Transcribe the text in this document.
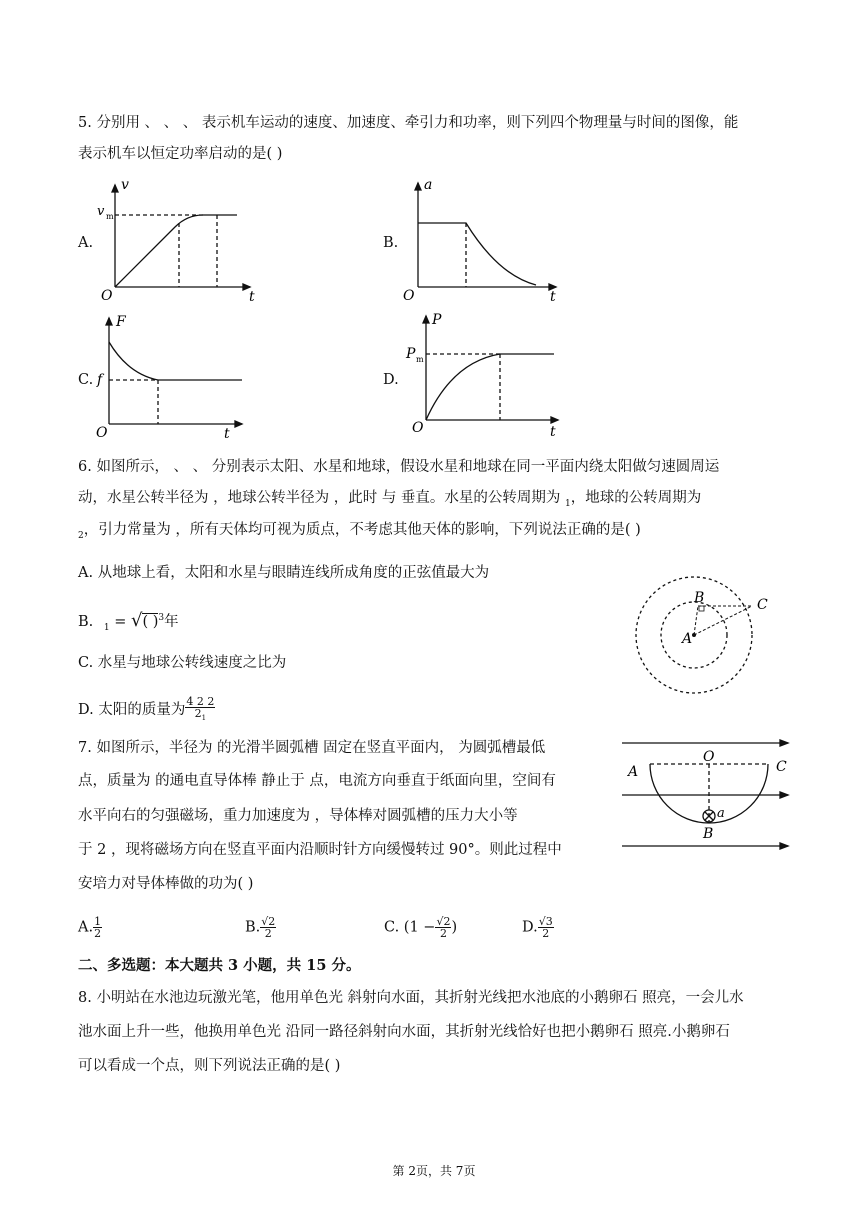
5. 分别用 、 、 、 表示机车运动的速度、加速度、牵引力和功率，则下列四个物理量与时间的图像，能
表示机车以恒定功率启动的是( )
A.
v
v m
O	t
B.
a
O	t
C.
F
f
O	t
D.
P
P m
O	t
6. 如图所示， 、 、 分别表示太阳、水星和地球，假设水星和地球在同一平面内绕太阳做匀速圆周运
动，水星公转半径为 ，地球公转半径为 ，此时 与 垂直。水星的公转周期为 $_1$，地球的公转周期为
$_2$，引力常量为 ，所有天体均可视为质点，不考虑其他天体的影响，下列说法正确的是( )
A. 从地球上看，太阳和水星与眼睛连线所成角度的正弦值最大为
B. $_1$ = √( )$^3$年
C. 水星与地球公转线速度之比为
D. 太阳的质量为 $\frac{4 2 2}{2_1}$
B	C
A
7. 如图所示，半径为 的光滑半圆弧槽 固定在竖直平面内， 为圆弧槽最低
点，质量为 的通电直导体棒 静止于 点，电流方向垂直于纸面向里，空间有
水平向右的匀强磁场，重力加速度为 ，导体棒对圆弧槽的压力大小等
于 2 ，现将磁场方向在竖直平面内沿顺时针方向缓慢转过 90°。则此过程中
安培力对导体棒做的功为( )
O
A	C
a
B
A. $\frac{1}{2}$	B. $\frac{√2}{2}$	C. ($1 - \frac{√2}{2}$ )	D. $\frac{√3}{2}$
二、多选题：本大题共 3 小题，共 15 分。
8. 小明站在水池边玩激光笔，他用单色光 斜射向水面，其折射光线把水池底的小鹅卵石 照亮，一会儿水
池水面上升一些，他换用单色光 沿同一路径斜射向水面，其折射光线恰好也把小鹅卵石 照亮.小鹅卵石
可以看成一个点，则下列说法正确的是( )
第 2页，共 7页
